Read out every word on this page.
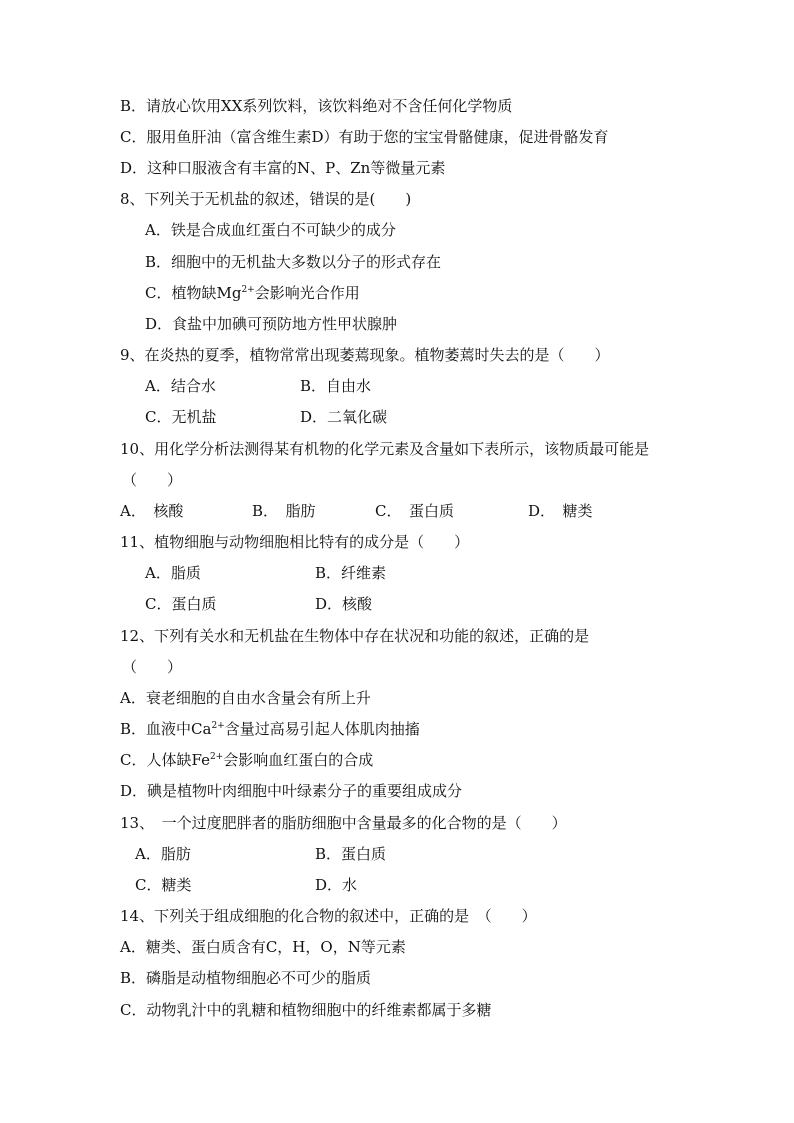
B．请放心饮用XX系列饮料，该饮料绝对不含任何化学物质
C．服用鱼肝油（富含维生素D）有助于您的宝宝骨骼健康，促进骨骼发育
D．这种口服液含有丰富的N、P、Zn等微量元素
8、下列关于无机盐的叙述，错误的是(　　)
A．铁是合成血红蛋白不可缺少的成分
B．细胞中的无机盐大多数以分子的形式存在
C．植物缺$Mg^{2+}$会影响光合作用
D．食盐中加碘可预防地方性甲状腺肿
9、在炎热的夏季，植物常常出现萎蔫现象。植物萎蔫时失去的是（　　）
A．结合水	B．自由水
C．无机盐	D．二氧化碳
10、用化学分析法测得某有机物的化学元素及含量如下表所示，该物质最可能是
（　　）
A．　核酸	B．　脂肪	C．　蛋白质	D．　糖类
11、植物细胞与动物细胞相比特有的成分是（　　）
A．脂质	B．纤维素
C．蛋白质	D．核酸
12、下列有关水和无机盐在生物体中存在状况和功能的叙述，正确的是
（　　）
A．衰老细胞的自由水含量会有所上升
B．血液中$Ca^{2+}$含量过高易引起人体肌肉抽搐
C．人体缺$Fe^{2+}$会影响血红蛋白的合成
D．碘是植物叶肉细胞中叶绿素分子的重要组成成分
13、　一个过度肥胖者的脂肪细胞中含量最多的化合物的是（　　）
A．脂肪	B．蛋白质
C．糖类	D．水
14、下列关于组成细胞的化合物的叙述中，正确的是　（　　）
A．糖类、蛋白质含有C，H，O，N等元素
B．磷脂是动植物细胞必不可少的脂质
C．动物乳汁中的乳糖和植物细胞中的纤维素都属于多糖
